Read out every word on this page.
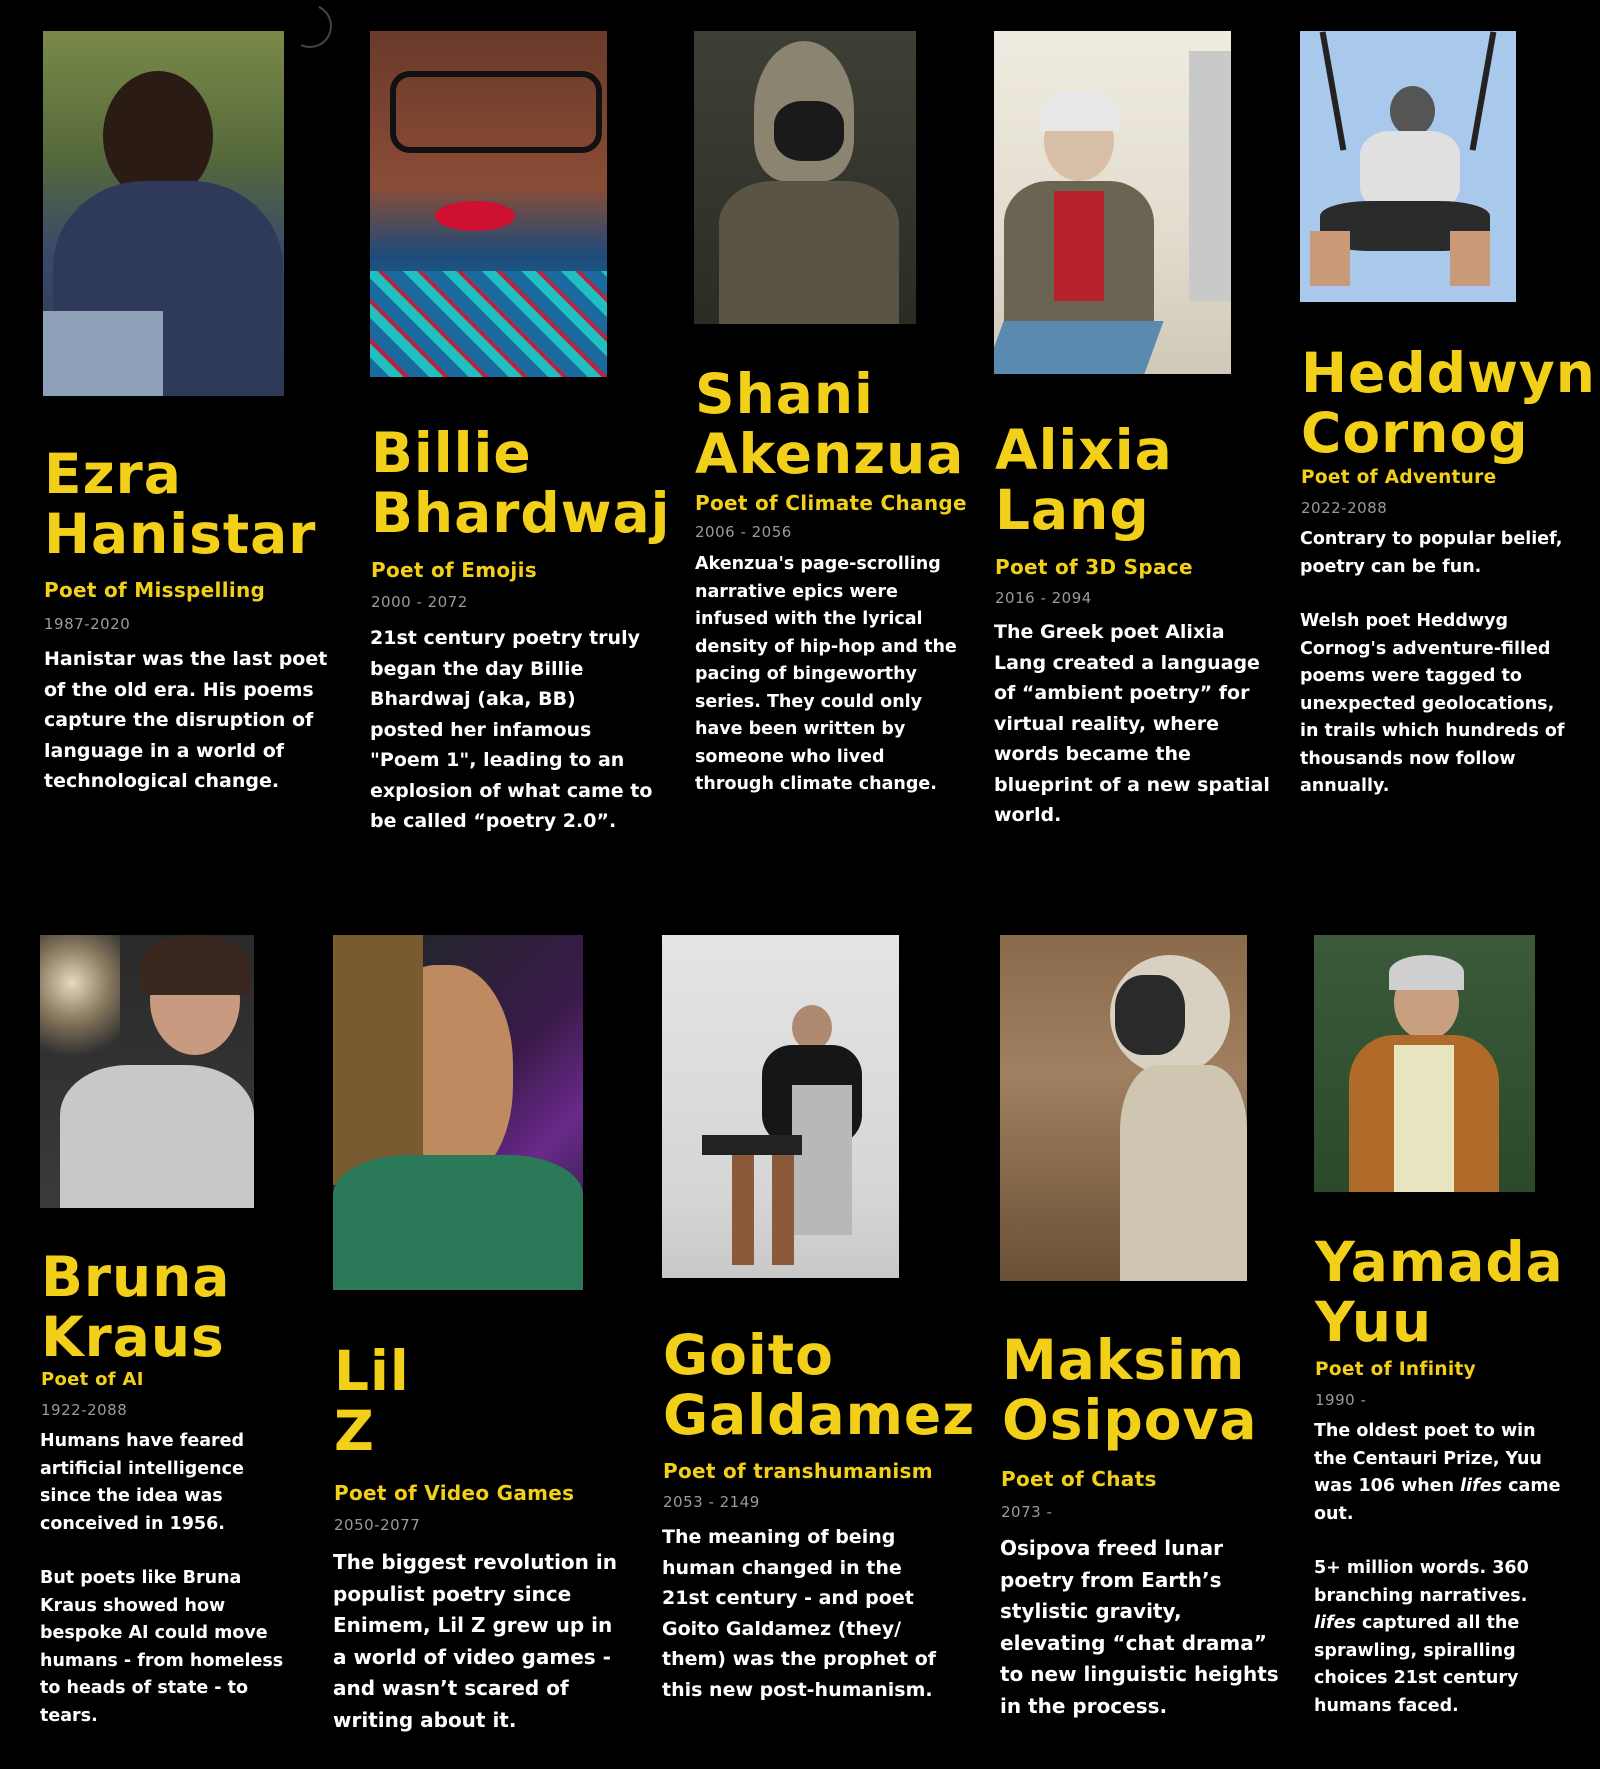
Ezra
Hanistar
Poet of Misspelling
1987-2020

Hanistar was the last poet of the old era. His poems capture the disruption of language in a world of technological change.

Billie
Bhardwaj
Poet of Emojis
2000 - 2072

21st century poetry truly began the day Billie Bhardwaj (aka, BB) posted her infamous "Poem 1", leading to an explosion of what came to be called “poetry 2.0”.

Shani
Akenzua
Poet of Climate Change
2006 - 2056

Akenzua's page-scrolling narrative epics were infused with the lyrical density of hip-hop and the pacing of bingeworthy series. They could only have been written by someone who lived through climate change.

Alixia
Lang
Poet of 3D Space
2016 - 2094

The Greek poet Alixia Lang created a language of “ambient poetry” for virtual reality, where words became the blueprint of a new spatial world.

Heddwyn
Cornog
Poet of Adventure
2022-2088

Contrary to popular belief, poetry can be fun.

Welsh poet Heddwyg Cornog's adventure-filled poems were tagged to unexpected geolocations, in trails which hundreds of thousands now follow annually.

Bruna
Kraus
Poet of AI
1922-2088

Humans have feared artificial intelligence since the idea was conceived in 1956.

But poets like Bruna Kraus showed how bespoke AI could move humans - from homeless to heads of state - to tears.

Lil
Z
Poet of Video Games
2050-2077

The biggest revolution in populist poetry since Enimem, Lil Z grew up in a world of video games - and wasn’t scared of writing about it.

Goito
Galdamez
Poet of transhumanism
2053 - 2149

The meaning of being human changed in the 21st century - and poet Goito Galdamez (they/ them) was the prophet of this new post-humanism.

Maksim
Osipova
Poet of Chats
2073 -

Osipova freed lunar poetry from Earth’s stylistic gravity, elevating “chat drama” to new linguistic heights in the process.

Yamada
Yuu
Poet of Infinity
1990 -

The oldest poet to win the Centauri Prize, Yuu was 106 when lifes came out.

5+ million words. 360 branching narratives. lifes captured all the sprawling, spiralling choices 21st century humans faced.
